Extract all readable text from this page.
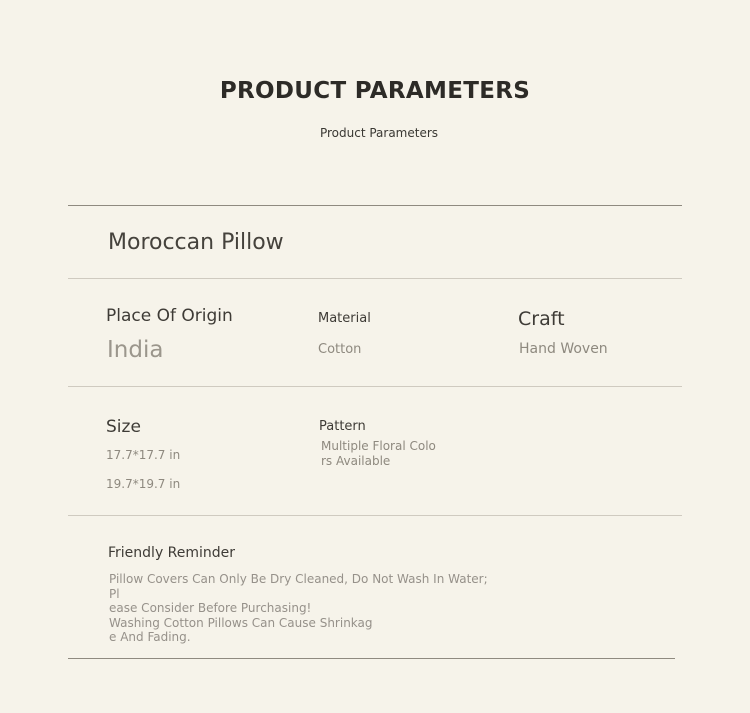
PRODUCT PARAMETERS
Product Parameters
Moroccan Pillow
Place Of Origin
India
Material
Cotton
Craft
Hand Woven
Size
17.7*17.7 in
19.7*19.7 in
Pattern
Multiple Floral Colo
rs Available
Friendly Reminder
Pillow Covers Can Only Be Dry Cleaned, Do Not Wash In Water; Pl
ease Consider Before Purchasing!
Washing Cotton Pillows Can Cause Shrinkag
e And Fading.
